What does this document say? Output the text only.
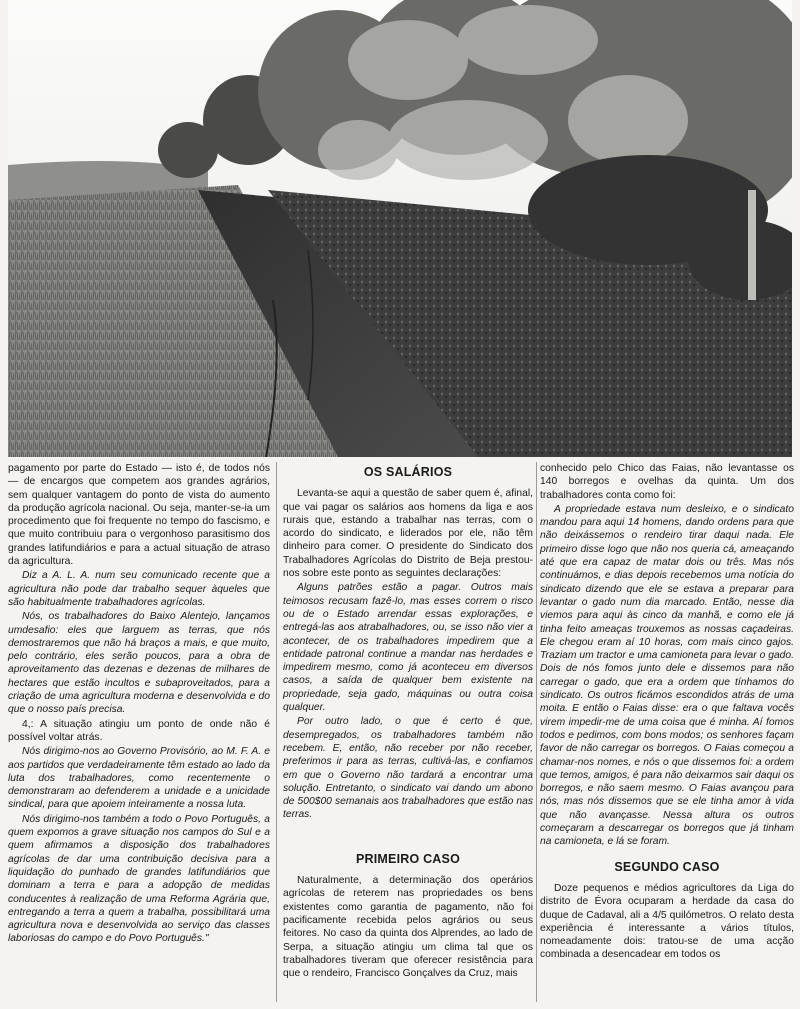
pagamento por parte do Estado — isto é, de todos nós — de encargos que competem aos grandes agrários, sem qualquer vantagem do ponto de vista do aumento da produção agrícola nacional. Ou seja, manter-se-ia um procedimento que foi frequente no tempo do fascismo, e que muito contribuiu para o vergonhoso parasitismo dos grandes latifundiários e para a actual situação de atraso da agricultura.

Diz a A. L. A. num seu comunicado recente que a agricultura não pode dar trabalho sequer àqueles que são habitualmente trabalhadores agrícolas.

Nós, os trabalhadores do Baixo Alentejo, lançamos umdesafio: eles que larguem as terras, que nós demostraremos que não há braços a mais, e que muito, pelo contrário, eles serão poucos, para a obra de aproveitamento das dezenas e dezenas de milhares de hectares que estão incultos e subaproveitados, para a criação de uma agricultura moderna e desenvolvida e do que o nosso país precisa.

4,: A situação atingiu um ponto de onde não é possível voltar atrás.

Nós dirigimo-nos ao Governo Provisório, ao M. F. A. e aos partidos que verdadeiramente têm estado ao lado da luta dos trabalhadores, como recentemente o demonstraram ao defenderem a unidade e a unicidade sindical, para que apoiem inteiramente a nossa luta.

Nós dirigimo-nos também a todo o Povo Português, a quem expomos a grave situação nos campos do Sul e a quem afirmamos a disposição dos trabalhadores agrícolas de dar uma contribuição decisiva para a liquidação do punhado de grandes latifundiários que dominam a terra e para a adopção de medidas conducentes à realização de uma Reforma Agrária que, entregando a terra a quem a trabalha, possibilitará uma agricultura nova e desenvolvida ao serviço das classes laboriosas do campo e do Povo Português."

OS SALÁRIOS

Levanta-se aqui a questão de saber quem é, afinal, que vai pagar os salários aos homens da liga e aos rurais que, estando a trabalhar nas terras, com o acordo do sindicato, e liderados por ele, não têm dinheiro para comer. O presidente do Sindicato dos Trabalhadores Agrícolas do Distrito de Beja prestou-nos sobre este ponto as seguintes declarações:

Alguns patrões estão a pagar. Outros mais teimosos recusam fazê-lo, mas esses correm o risco ou de o Estado arrendar essas explorações, e entregá-las aos atrabalhadores, ou, se isso não vier a acontecer, de os trabalhadores impedirem que a entidade patronal continue a mandar nas herdades e impedirem mesmo, como já aconteceu em diversos casos, a saída de qualquer bem existente na propriedade, seja gado, máquinas ou outra coisa qualquer.

Por outro lado, o que é certo é que, desempregados, os trabalhadores também não recebem. E, então, não receber por não receber, preferimos ir para as terras, cultivá-las, e confiamos em que o Governo não tardará a encontrar uma solução. Entretanto, o sindicato vai dando um abono de 500$00 semanais aos trabalhadores que estão nas terras.

PRIMEIRO CASO

Naturalmente, a determinação dos operários agrícolas de reterem nas propriedades os bens existentes como garantia de pagamento, não foi pacificamente recebida pelos agrários ou seus feitores. No caso da quinta dos Alprendes, ao lado de Serpa, a situação atingiu um clima tal que os trabalhadores tiveram que oferecer resistência para que o rendeiro, Francisco Gonçalves da Cruz, mais

conhecido pelo Chico das Faias, não levantasse os 140 borregos e ovelhas da quinta. Um dos trabalhadores conta como foi:

A propriedade estava num desleixo, e o sindicato mandou para aqui 14 homens, dando ordens para que não deixássemos o rendeiro tirar daqui nada. Ele primeiro disse logo que não nos queria cá, ameaçando até que era capaz de matar dois ou três. Mas nós continuámos, e dias depois recebemos uma notícia do sindicato dizendo que ele se estava a preparar para levantar o gado num dia marcado. Então, nesse dia viemos para aqui às cinco da manhã, e como ele já tinha feito ameaças trouxemos as nossas caçadeiras. Ele chegou eram aí 10 horas, com mais cinco gajos. Traziam um tractor e uma camioneta para levar o gado. Dois de nós fomos junto dele e dissemos para não carregar o gado, que era a ordem que tínhamos do sindicato. Os outros ficámos escondidos atrás de uma moita. E então o Faias disse: era o que faltava vocês virem impedir-me de uma coisa que é minha. Aí fomos todos e pedimos, com bons modos; os senhores façam favor de não carregar os borregos. O Faias começou a chamar-nos nomes, e nós o que dissemos foi: a ordem que temos, amigos, é para não deixarmos sair daqui os borregos, e não saem mesmo. O Faias avançou para nós, mas nós dissemos que se ele tinha amor à vida que não avançasse. Nessa altura os outros começaram a descarregar os borregos que já tinham na camioneta, e lá se foram.

SEGUNDO CASO

Doze pequenos e médios agricultores da Liga do distrito de Évora ocuparam a herdade da casa do duque de Cadaval, ali a 4/5 quilómetros. O relato desta experiência é interessante a vários títulos, nomeadamente dois: tratou-se de uma acção combinada a desencadear em todos os
